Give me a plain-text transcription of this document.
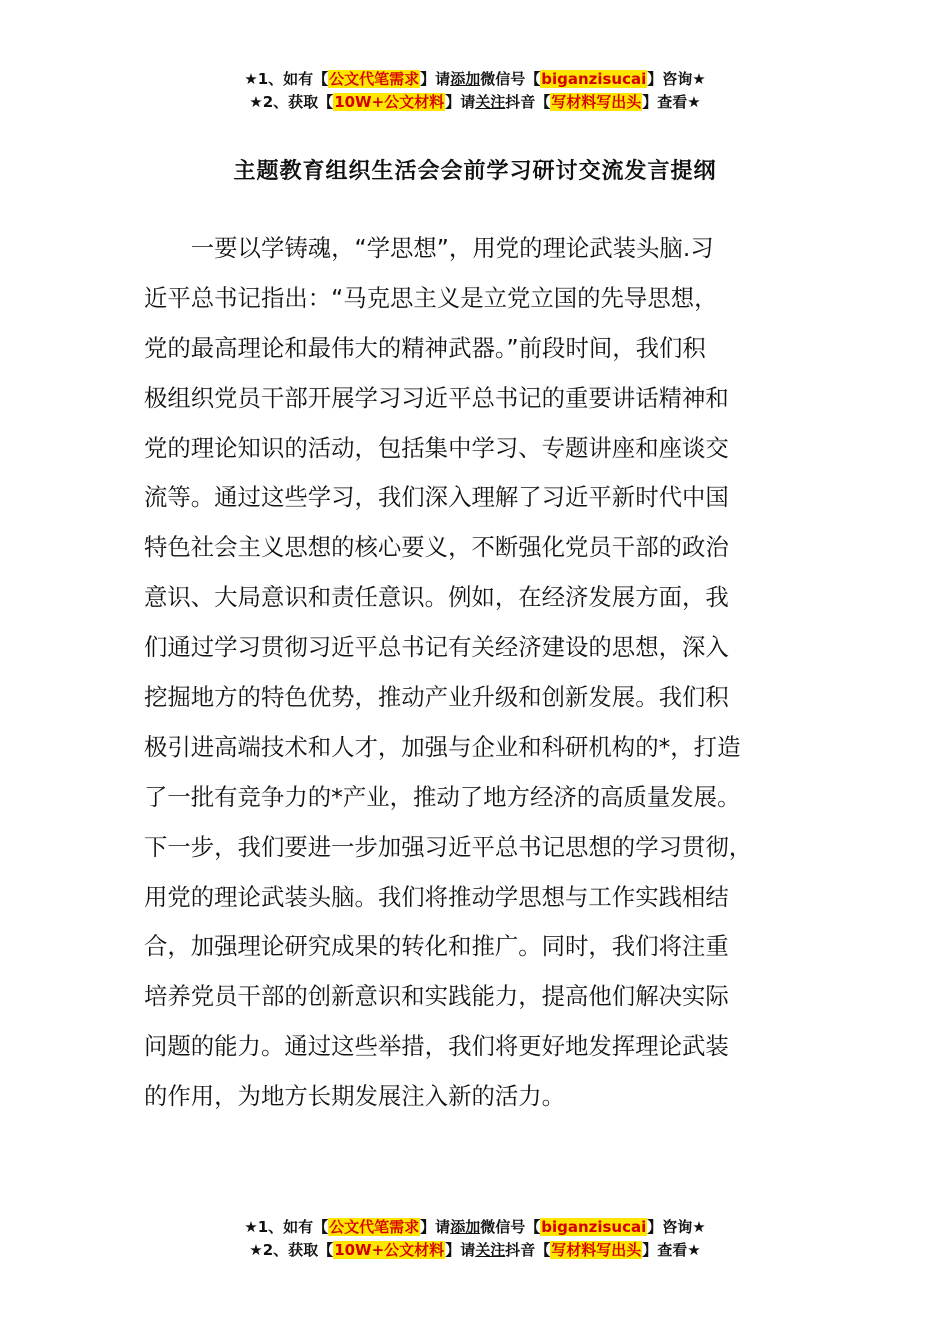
★1、如有【公文代笔需求】请添加微信号【biganzisucai】咨询★
★2、获取【10W+公文材料】请关注抖音【写材料写出头】查看★
主题教育组织生活会会前学习研讨交流发言提纲
　　一要以学铸魂，“学思想”，用党的理论武装头脑.习
近平总书记指出：“马克思主义是立党立国的先导思想，
党的最高理论和最伟大的精神武器。”前段时间，我们积
极组织党员干部开展学习习近平总书记的重要讲话精神和
党的理论知识的活动，包括集中学习、专题讲座和座谈交
流等。通过这些学习，我们深入理解了习近平新时代中国
特色社会主义思想的核心要义，不断强化党员干部的政治
意识、大局意识和责任意识。例如，在经济发展方面，我
们通过学习贯彻习近平总书记有关经济建设的思想，深入
挖掘地方的特色优势，推动产业升级和创新发展。我们积
极引进高端技术和人才，加强与企业和科研机构的*，打造
了一批有竞争力的*产业，推动了地方经济的高质量发展。
下一步，我们要进一步加强习近平总书记思想的学习贯彻，
用党的理论武装头脑。我们将推动学思想与工作实践相结
合，加强理论研究成果的转化和推广。同时，我们将注重
培养党员干部的创新意识和实践能力，提高他们解决实际
问题的能力。通过这些举措，我们将更好地发挥理论武装
的作用，为地方长期发展注入新的活力。
★1、如有【公文代笔需求】请添加微信号【biganzisucai】咨询★
★2、获取【10W+公文材料】请关注抖音【写材料写出头】查看★
